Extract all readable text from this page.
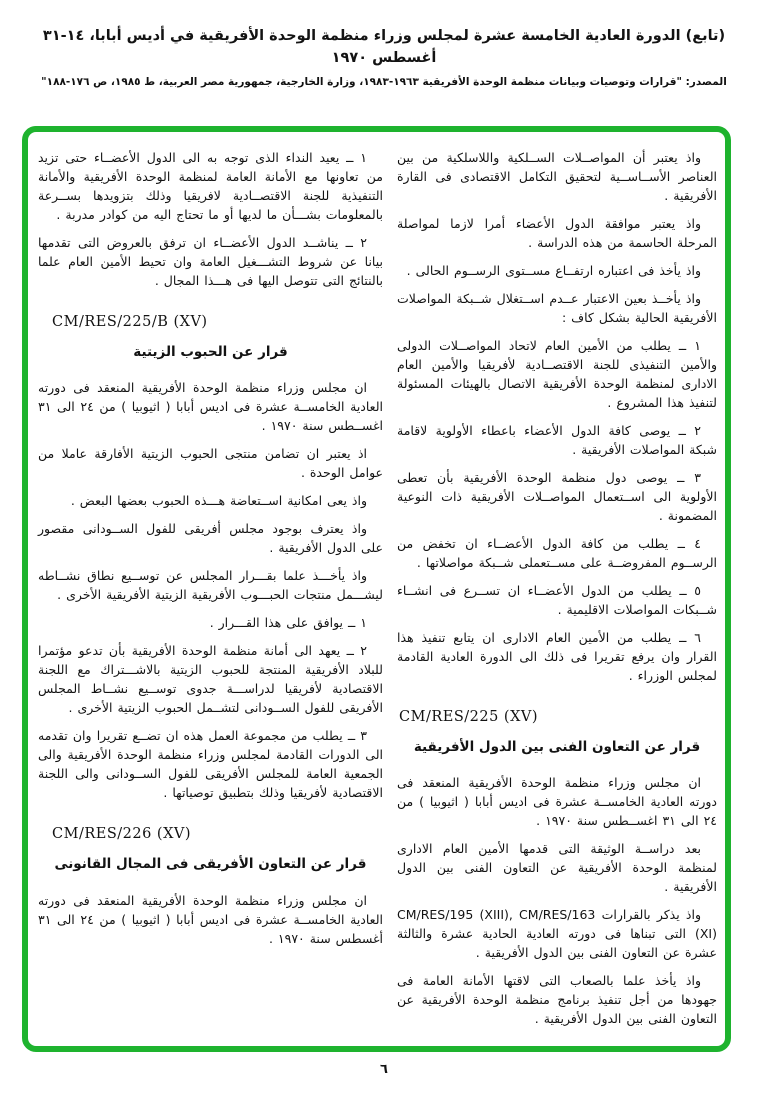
(تابع) الدورة العادية الخامسة عشرة لمجلس وزراء منظمة الوحدة الأفريقية في أديس أبابا، ١٤-٣١ أغسطس ١٩٧٠
المصدر: "قرارات وتوصيات وبيانات منظمة الوحدة الأفريقية ١٩٦٣-١٩٨٣، وزارة الخارجية، جمهورية مصر العربية، ط ١٩٨٥، ص ١٧٦-١٨٨"

واذ يعتبر أن المواصــلات الســلكية واللاسلكية من بين العناصر الأســاســية لتحقيق التكامل الاقتصادى فى القارة الأفريقية .

واذ يعتبر موافقة الدول الأعضاء أمرا لازما لمواصلة المرحلة الحاسمة من هذه الدراسة .

واذ يأخذ فى اعتباره ارتفــاع مســتوى الرســوم الحالى .

واذ يأخــذ بعين الاعتبار عــدم اســتغلال شــبكة المواصلات الأفريقية الحالية بشكل كاف :

١ ــ يطلب من الأمين العام لاتحاد المواصــلات الدولى والأمين التنفيذى للجنة الاقتصــادية لأفريقيا والأمين العام الادارى لمنظمة الوحدة الأفريقية الاتصال بالهيئات المسئولة لتنفيذ هذا المشروع .

٢ ــ يوصى كافة الدول الأعضاء باعطاء الأولوية لاقامة شبكة المواصلات الأفريقية .

٣ ــ يوصى دول منظمة الوحدة الأفريقية بأن تعطى الأولوية الى اســتعمال المواصــلات الأفريقية ذات النوعية المضمونة .

٤ ــ يطلب من كافة الدول الأعضــاء ان تخفض من الرســوم المفروضــة على مســتعملى شــبكة مواصلاتها .

٥ ــ يطلب من الدول الأعضــاء ان تســرع فى انشــاء شــبكات المواصلات الاقليمية .

٦ ــ يطلب من الأمين العام الادارى ان يتابع تنفيذ هذا القرار وان يرفع تقريرا فى ذلك الى الدورة العادية القادمة لمجلس الوزراء .

CM/RES/225 (XV)

قرار عن التعاون الفنى بين الدول الأفريقية

ان مجلس وزراء منظمة الوحدة الأفريقية المنعقد فى دورته العادية الخامســة عشرة فى اديس أبابا ( اثيوبيا ) من ٢٤ الى ٣١ اغســطس سنة ١٩٧٠ .

بعد دراســة الوثيقة التى قدمها الأمين العام الادارى لمنظمة الوحدة الأفريقية عن التعاون الفنى بين الدول الأفريقية .

واذ يذكر بالقرارات CM/RES/195 (XIII), CM/RES/163 (XI) التى تبناها فى دورته العادية الحادية عشرة والثالثة عشرة عن التعاون الفنى بين الدول الأفريقية .

واذ يأخذ علما بالصعاب التى لاقتها الأمانة العامة فى جهودها من أجل تنفيذ برنامج منظمة الوحدة الأفريقية عن التعاون الفنى بين الدول الأفريقية .

١ ــ يعيد النداء الذى توجه به الى الدول الأعضــاء حتى تزيد من تعاونها مع الأمانة العامة لمنظمة الوحدة الأفريقية والأمانة التنفيذية للجنة الاقتصــادية لافريقيا وذلك بتزويدها بســرعة بالمعلومات بشـــأن ما لديها أو ما تحتاج اليه من كوادر مدربة .

٢ ــ يناشــد الدول الأعضــاء ان ترفق بالعروض التى تقدمها بيانا عن شروط التشـــغيل العامة وان تحيط الأمين العام علما بالنتائج التى تتوصل اليها فى هـــذا المجال .

CM/RES/225/B (XV)

قرار عن الحبوب الزيتية

ان مجلس وزراء منظمة الوحدة الأفريقية المنعقد فى دورته العادية الخامســة عشرة فى اديس أبابا ( اثيوبيا ) من ٢٤ الى ٣١ اغســطس سنة ١٩٧٠ .

اذ يعتبر ان تضامن منتجى الحبوب الزيتية الأفارقة عاملا من عوامل الوحدة .

واذ يعى امكانية اســتعاضة هـــذه الحبوب بعضها البعض .

واذ يعترف بوجود مجلس أفريقى للفول الســودانى مقصور على الدول الأفريقية .

واذ يأخـــذ علما بقـــرار المجلس عن توســيع نطاق نشــاطه ليشـــمل منتجات الحبـــوب الأفريقية الزيتية الأفريقية الأخرى .

١ ــ يوافق على هذا القـــرار .

٢ ــ يعهد الى أمانة منظمة الوحدة الأفريقية بأن تدعو مؤتمرا للبلاد الأفريقية المنتجة للحبوب الزيتية بالاشـــتراك مع اللجنة الاقتصادية لأفريقيا لدراســـة جدوى توســيع نشــاط المجلس الأفريقى للفول الســودانى لتشــمل الحبوب الزيتية الأخرى .

٣ ــ يطلب من مجموعة العمل هذه ان تضــع تقريرا وان تقدمه الى الدورات القادمة لمجلس وزراء منظمة الوحدة الأفريقية والى الجمعية العامة للمجلس الأفريقى للفول الســودانى والى اللجنة الاقتصادية لأفريقيا وذلك بتطبيق توصياتها .

CM/RES/226 (XV)

قرار عن التعاون الأفريقى فى المجال القانونى

ان مجلس وزراء منظمة الوحدة الأفريقية المنعقد فى دورته العادية الخامســة عشرة فى اديس أبابا ( اثيوبيا ) من ٢٤ الى ٣١ أغسطس سنة ١٩٧٠ .

٦
